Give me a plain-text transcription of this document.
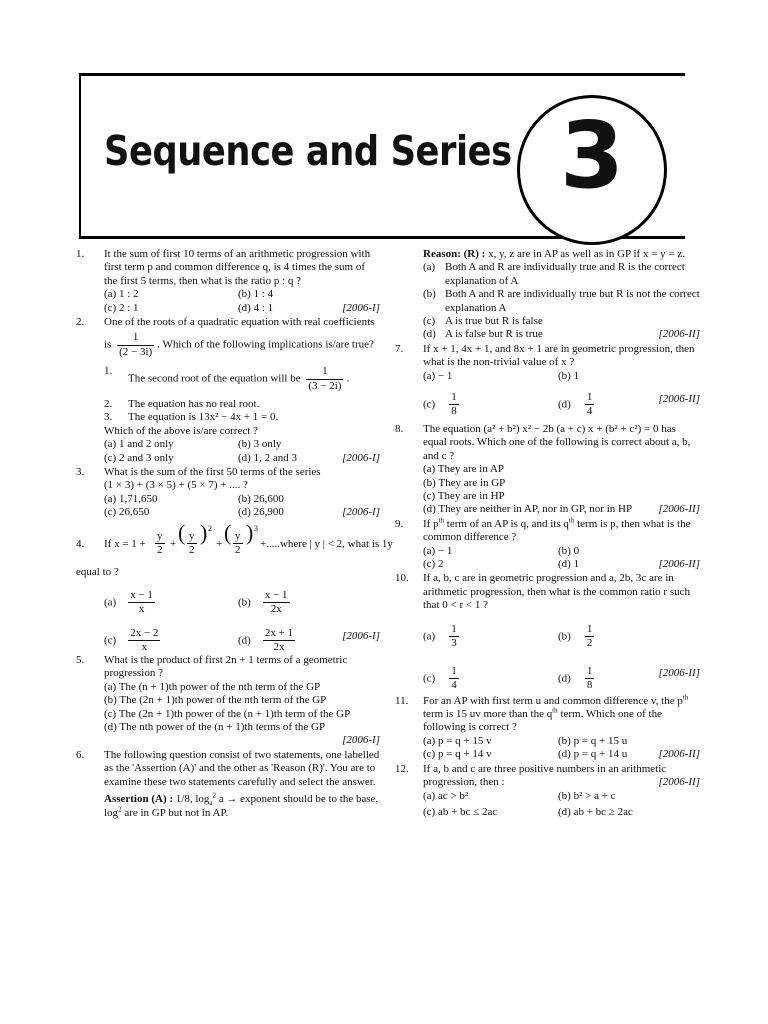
Sequence and Series 3
1. It the sum of first 10 terms of an arithmetic progression with first term p and common difference q, is 4 times the sum of the first 5 terms, then what is the ratio p : q ?
(a) 1 : 2	(b) 1 : 4
(c) 2 : 1	(d) 4 : 1	[2006-I]
2. One of the roots of a quadratic equation with real coefficients
is $\frac{1}{(2 - 3i)}$ . Which of the following implications is/are true?
1.
The second root of the equation will be $\frac{1}{(3 - 2i)}$ .
2. The equation has no real root.
3. The equation is 13x² − 4x + 1 = 0.
Which of the above is/are correct ?
(a) 1 and 2 only	(b) 3 only
(c) 2 and 3 only	(d) 1, 2 and 3	[2006-I]
3. What is the sum of the first 50 terms of the series
(1 × 3) + (3 × 5) + (5 × 7) + .... ?
(a) 1,71,650	(b) 26,600
(c) 26,650	(d) 26,900	[2006-I]
4. If $x = 1 + \frac{y}{2}$ + ( $\frac{y}{2}$ ) 2
+ ( $\frac{y}{2}$ ) 3
+.....where | y | < 2, what is 1y
equal to ?
$(a) \frac{x - 1}{x}$	$(b) \frac{x - 1}{2x}$
$(c) \frac{2x - 2}{x}$	$(d) \frac{2x + 1}{2x}$	[2006-I]
5. What is the product of first 2n + 1 terms of a geometric progression ?
(a) The (n + 1)th power of the nth term of the GP
(b) The (2n + 1)th power of the nth term of the GP
(c) The (2n + 1)th power of the (n + 1)th term of the GP
(d) The nth power of the (n + 1)th terms of the GP
[2006-I]
6. The following question consist of two statements, one labelled as the 'Assertion (A)' and the other as 'Reason (R)'. You are to examine these two statements carefully and select the answer.
Assertion (A) : 1/8, $\log_a^2 a$ → exponent should be to the base, $\log^2$ are in GP but not in AP.
Reason: (R) : x, y, z are in AP as well as in GP if x = y = z.
(a) Both A and R are individually true and R is the correct explanation of A
(b) Both A and R are individually true but R is not the correct explanation A
(c) A is true but R is false
(d) A is false but R is true	[2006-II]
7. If x + 1, 4x + 1, and 8x + 1 are in geometric progression, then what is the non-trivial value of x ?
(a) − 1	(b) 1
$(c) \frac{1}{8}$	$(d) \frac{1}{4}$	[2006-II]
8. The equation (a² + b²) x² − 2b (a + c) x + (b² + c²) = 0 has equal roots. Which one of the following is correct about a, b, and c ?
(a) They are in AP
(b) They are in GP
(c) They are in HP
(d) They are neither in AP, nor in GP, nor in HP [2006-II]
9. If $p^{th}$ term of an AP is q, and its $q^{th}$ term is p, then what is the common difference ?
(a) − 1	(b) 0
(c) 2	(d) 1	[2006-II]
10. If a, b, c are in geometric progression and a, 2b, 3c are in arithmetic progression, then what is the common ratio r such that 0 < r < 1 ?
$(a) \frac{1}{3}$	$(b) \frac{1}{2}$
$(c) \frac{1}{4}$	$(d) \frac{1}{8}$	[2006-II]
11. For an AP with first term u and common difference v, the $p^{th}$ term is 15 uv more than the $q^{th}$ term. Which one of the following is correct ?
(a) p = q + 15 v	(b) p = q + 15 u
(c) p = q + 14 v	(d) p = q + 14 u	[2006-II]
12. If a, b and c are three positive numbers in an arithmetic progression, then :	[2006-II]
(a) ac > b²	(b) b² > a + c
(c) ab + bc ≤ 2ac	(d) ab + bc ≥ 2ac
